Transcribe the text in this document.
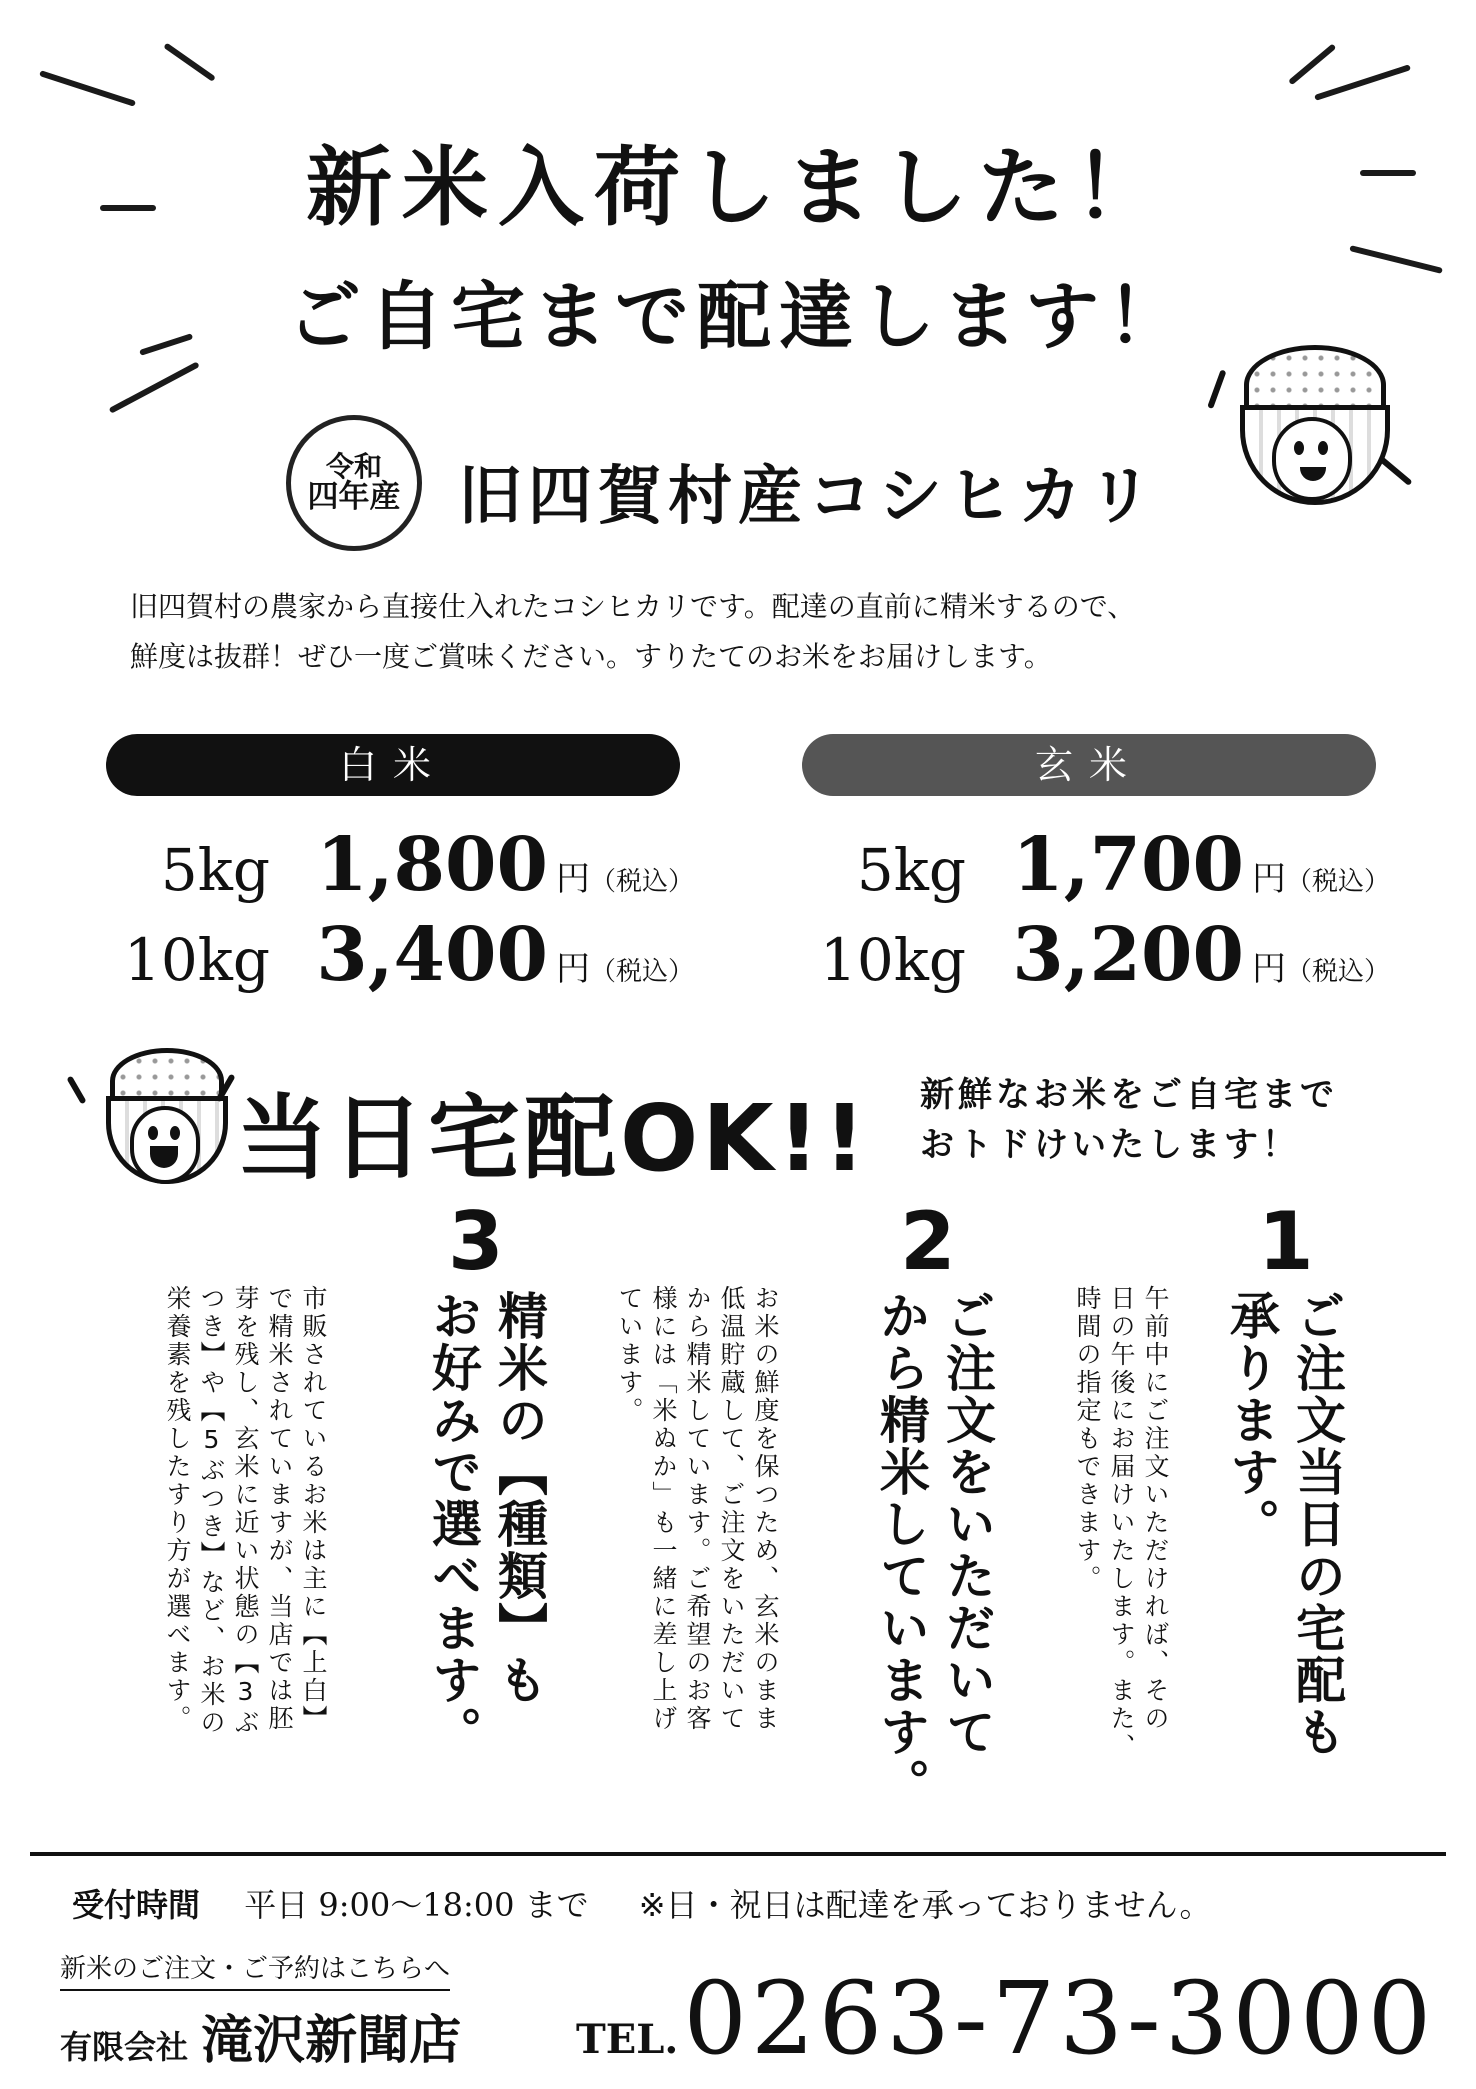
新米入荷しました！
ご自宅まで配達します！
令和
四年産 旧四賀村産コシヒカリ
旧四賀村の農家から直接仕入れたコシヒカリです。配達の直前に精米するので、
鮮度は抜群！ぜひ一度ご賞味ください。すりたてのお米をお届けします。
白米	玄米
5kg 1,800 円 （税込）
10kg 3,400 円 （税込）
5kg 1,700 円 （税込）
10kg 3,200 円 （税込）
当日宅配OK!! 新鮮なお米をご自宅まで
おトドけいたします！
1
ご注文当日の宅配も
承ります。
午前中にご注文いただければ、その
日の午後にお届けいたします。また、
時間の指定もできます。
2
ご注文をいただいて
から精米しています。
お米の鮮度を保つため、玄米のまま
低温貯蔵して、ご注文をいただいて
から精米しています。ご希望のお客
様には「米ぬか」も一緒に差し上げ
ています。
3
精米の【種類】も
お好みで選べます。
市販されているお米は主に【上白】
で精米されていますが、当店では胚
芽を残し、玄米に近い状態の【3ぶ
つき】や【5ぶつき】など、お米の
栄養素を残したすり方が選べます。
受付時間 平日 9:00〜18:00 まで ※日・祝日は配達を承っておりません。
新米のご注文・ご予約はこちらへ
有限会社 滝沢新聞店	TEL. 0263-73-3000
